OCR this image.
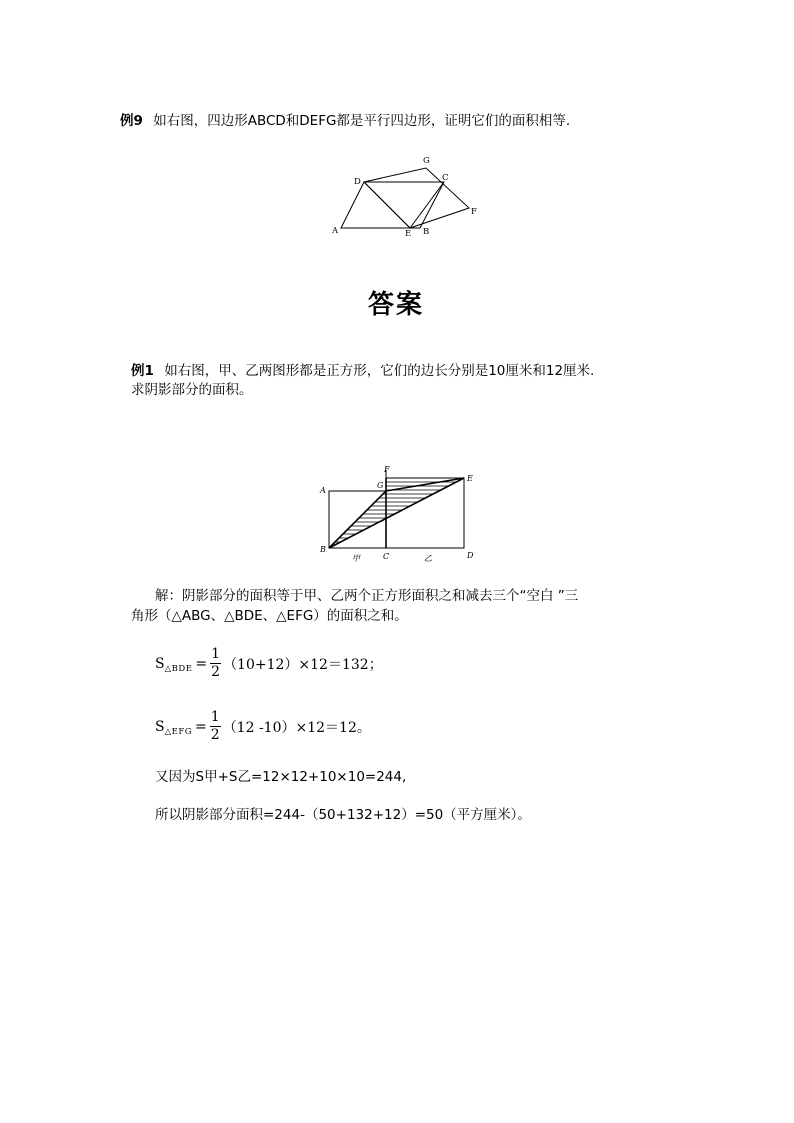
例9 如右图，四边形ABCD和DEFG都是平行四边形，证明它们的面积相等.
A	B
C
D
E
F
G
答案
例1 如右图，甲、乙两图形都是正方形，它们的边长分别是10厘米和12厘米.
求阴影部分的面积。
A
B
C	D
E
F
G
甲	乙
解：阴影部分的面积等于甲、乙两个正方形面积之和减去三个“空白 ”三
角形（△ABG、△BDE、△EFG）的面积之和。
S △BDE = $\frac{1}{2} (10+12)\times 12=132$；
S △EFG = $\frac{1}{2} (12$ -10）×12＝12。
又因为S甲+S乙=12×12+10×10=244,
所以阴影部分面积=244-（50+132+12）=50（平方厘米）。
